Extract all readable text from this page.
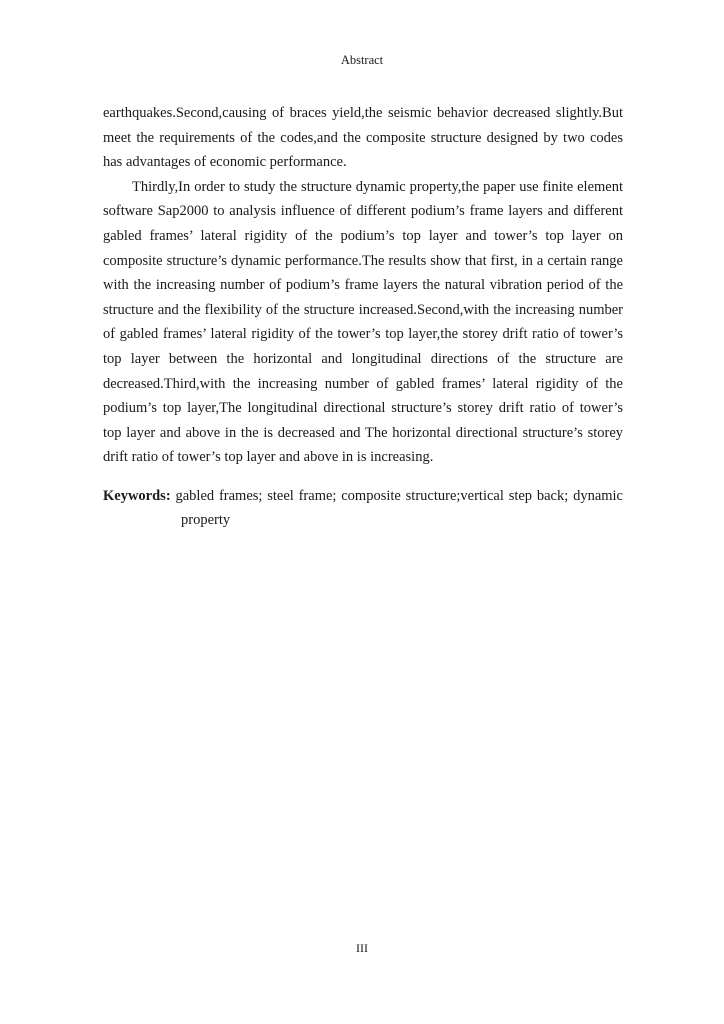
Abstract

earthquakes.Second,causing of braces yield,the seismic behavior decreased slightly.But meet the requirements of the codes,and the composite structure designed by two codes has advantages of economic performance.

Thirdly,In order to study the structure dynamic property,the paper use finite element software Sap2000 to analysis influence of different podium’s frame layers and different gabled frames’ lateral rigidity of the podium’s top layer and tower’s top layer on composite structure’s dynamic performance.The results show that first, in a certain range with the increasing number of podium’s frame layers the natural vibration period of the structure and the flexibility of the structure increased.Second,with the increasing number of gabled frames’ lateral rigidity of the tower’s top layer,the storey drift ratio of tower’s top layer between the horizontal and longitudinal directions of the structure are decreased.Third,with the increasing number of gabled frames’ lateral rigidity of the podium’s top layer,The longitudinal directional structure’s storey drift ratio of tower’s top layer and above in the is decreased and The horizontal directional structure’s storey drift ratio of tower’s top layer and above in is increasing.

Keywords: gabled frames; steel frame; composite structure;vertical step back; dynamic property
III
